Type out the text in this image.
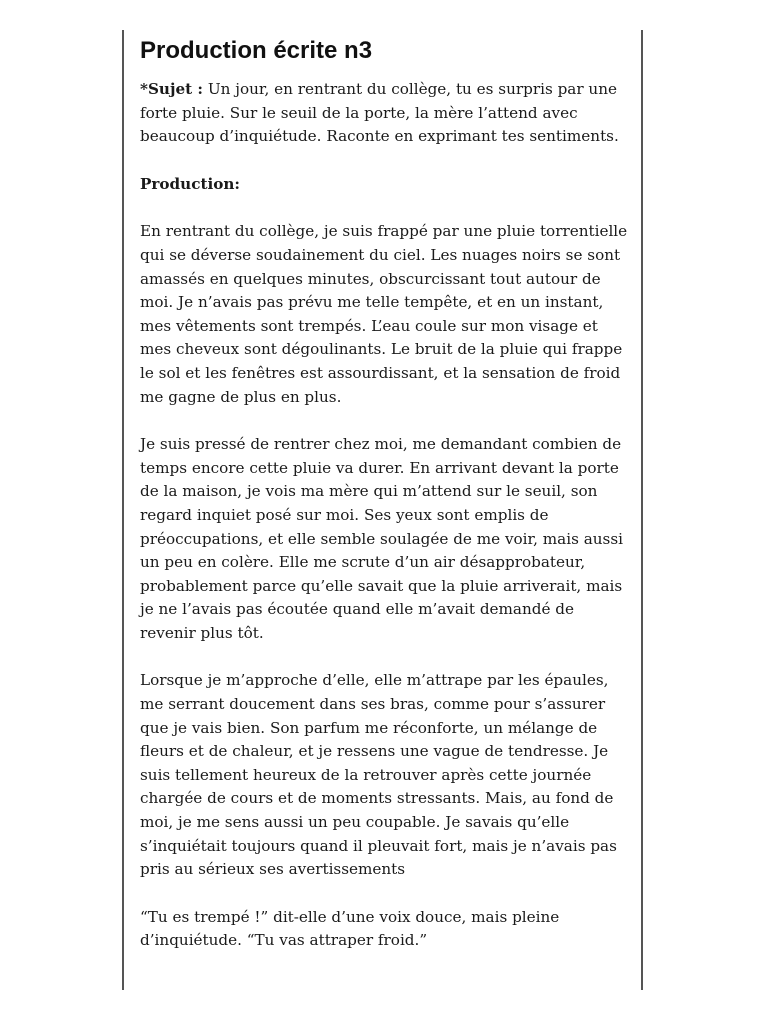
Production écrite n3

*Sujet : Un jour, en rentrant du collège, tu es surpris par une forte pluie. Sur le seuil de la porte, la mère l’attend avec beaucoup d’inquiétude. Raconte en exprimant tes sentiments.

Production:

En rentrant du collège, je suis frappé par une pluie torrentielle qui se déverse soudainement du ciel. Les nuages noirs se sont amassés en quelques minutes, obscurcissant tout autour de moi. Je n’avais pas prévu me telle tempête, et en un instant, mes vêtements sont trempés. L’eau coule sur mon visage et mes cheveux sont dégoulinants. Le bruit de la pluie qui frappe le sol et les fenêtres est assourdissant, et la sensation de froid me gagne de plus en plus.

Je suis pressé de rentrer chez moi, me demandant combien de temps encore cette pluie va durer. En arrivant devant la porte de la maison, je vois ma mère qui m’attend sur le seuil, son regard inquiet posé sur moi. Ses yeux sont emplis de préoccupations, et elle semble soulagée de me voir, mais aussi un peu en colère. Elle me scrute d’un air désapprobateur, probablement parce qu’elle savait que la pluie arriverait, mais je ne l’avais pas écoutée quand elle m’avait demandé de revenir plus tôt.

Lorsque je m’approche d’elle, elle m’attrape par les épaules, me serrant doucement dans ses bras, comme pour s’assurer que je vais bien. Son parfum me réconforte, un mélange de fleurs et de chaleur, et je ressens une vague de tendresse. Je suis tellement heureux de la retrouver après cette journée chargée de cours et de moments stressants. Mais, au fond de moi, je me sens aussi un peu coupable. Je savais qu’elle s’inquiétait toujours quand il pleuvait fort, mais je n’avais pas pris au sérieux ses avertissements

“Tu es trempé !” dit-elle d’une voix douce, mais pleine d’inquiétude. “Tu vas attraper froid.”
